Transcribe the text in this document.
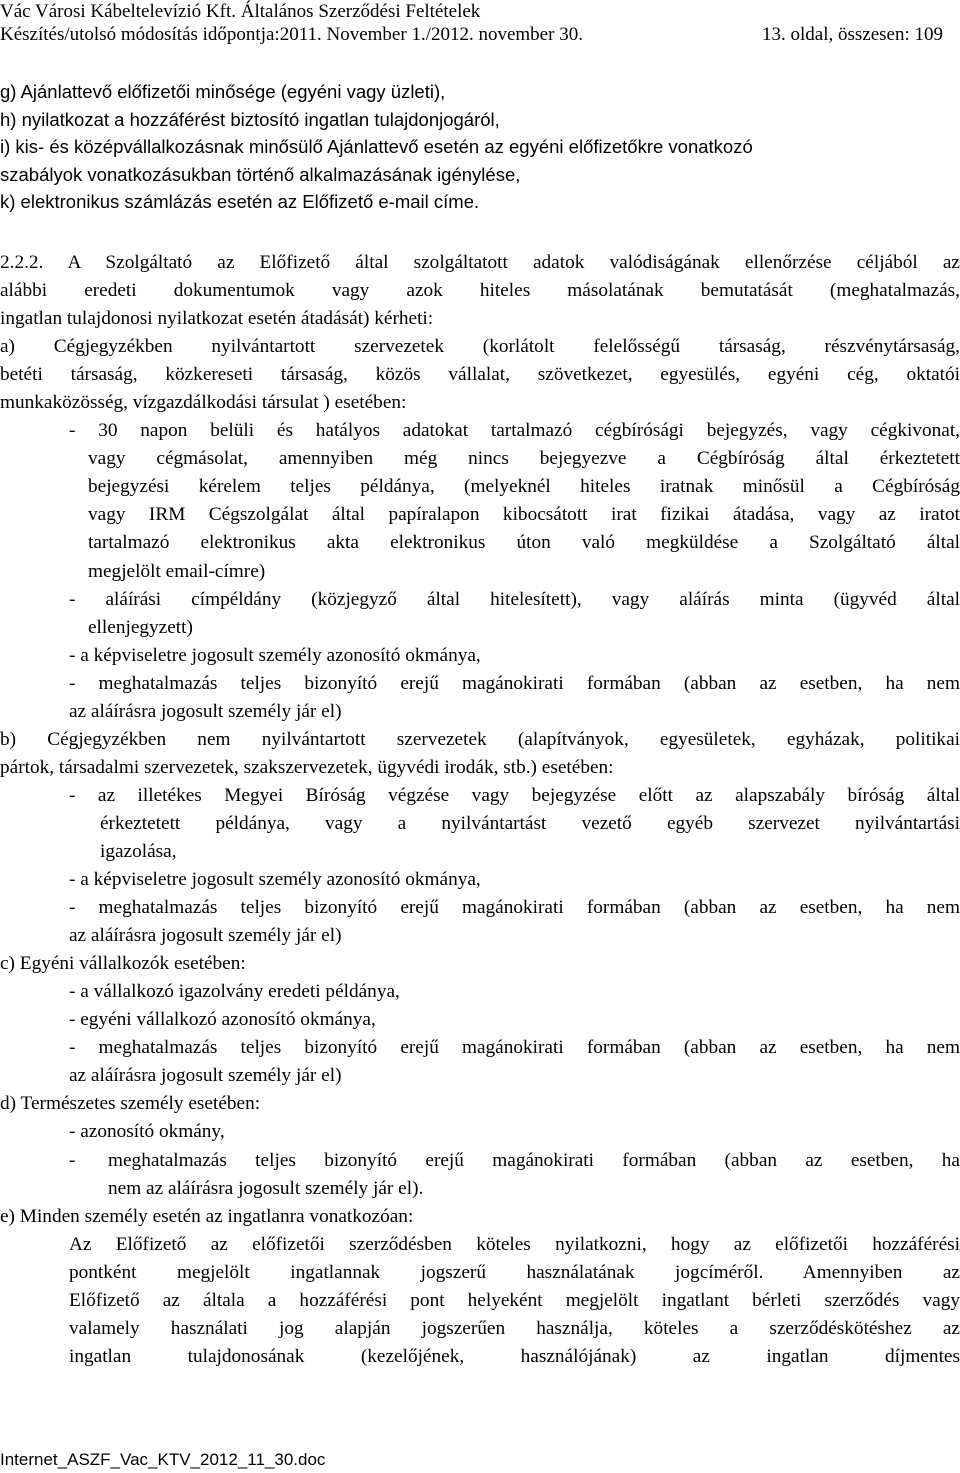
Vác Városi Kábeltelevízió Kft. Általános Szerződési Feltételek
Készítés/utolsó módosítás időpontja:2011. November 1./2012. november 30.	13. oldal, összesen: 109
g) Ajánlattevő előfizetői minősége (egyéni vagy üzleti),
h) nyilatkozat a hozzáférést biztosító ingatlan tulajdonjogáról,
i) kis- és középvállalkozásnak minősülő Ajánlattevő esetén az egyéni előfizetőkre vonatkozó
szabályok vonatkozásukban történő alkalmazásának igénylése,
k) elektronikus számlázás esetén az Előfizető e-mail címe.
2.2.2. A Szolgáltató az Előfizető által szolgáltatott adatok valódiságának ellenőrzése céljából az
alábbi eredeti dokumentumok vagy azok hiteles másolatának bemutatását (meghatalmazás,
ingatlan tulajdonosi nyilatkozat esetén átadását) kérheti:
a) Cégjegyzékben nyilvántartott szervezetek (korlátolt felelősségű társaság, részvénytársaság,
betéti társaság, közkereseti társaság, közös vállalat, szövetkezet, egyesülés, egyéni cég, oktatói
munkaközösség, vízgazdálkodási társulat ) esetében:
- 30 napon belüli és hatályos adatokat tartalmazó cégbírósági bejegyzés, vagy cégkivonat,
vagy cégmásolat, amennyiben még nincs bejegyezve a Cégbíróság által érkeztetett
bejegyzési kérelem teljes példánya, (melyeknél hiteles iratnak minősül a Cégbíróság
vagy IRM Cégszolgálat által papíralapon kibocsátott irat fizikai átadása, vagy az iratot
tartalmazó elektronikus akta elektronikus úton való megküldése a Szolgáltató által
megjelölt email-címre)
- aláírási címpéldány (közjegyző által hitelesített), vagy aláírás minta (ügyvéd által
ellenjegyzett)
- a képviseletre jogosult személy azonosító okmánya,
- meghatalmazás teljes bizonyító erejű magánokirati formában (abban az esetben, ha nem
az aláírásra jogosult személy jár el)
b) Cégjegyzékben nem nyilvántartott szervezetek (alapítványok, egyesületek, egyházak, politikai
pártok, társadalmi szervezetek, szakszervezetek, ügyvédi irodák, stb.) esetében:
- az illetékes Megyei Bíróság végzése vagy bejegyzése előtt az alapszabály bíróság által
érkeztetett példánya, vagy a nyilvántartást vezető egyéb szervezet nyilvántartási
igazolása,
- a képviseletre jogosult személy azonosító okmánya,
- meghatalmazás teljes bizonyító erejű magánokirati formában (abban az esetben, ha nem
az aláírásra jogosult személy jár el)
c) Egyéni vállalkozók esetében:
- a vállalkozó igazolvány eredeti példánya,
- egyéni vállalkozó azonosító okmánya,
- meghatalmazás teljes bizonyító erejű magánokirati formában (abban az esetben, ha nem
az aláírásra jogosult személy jár el)
d) Természetes személy esetében:
- azonosító okmány,
-	meghatalmazás teljes bizonyító erejű magánokirati formában (abban az esetben, ha
nem az aláírásra jogosult személy jár el).
e) Minden személy esetén az ingatlanra vonatkozóan:
Az Előfizető az előfizetői szerződésben köteles nyilatkozni, hogy az előfizetői hozzáférési
pontként megjelölt ingatlannak jogszerű használatának jogcíméről. Amennyiben az
Előfizető az általa a hozzáférési pont helyeként megjelölt ingatlant bérleti szerződés vagy
valamely használati jog alapján jogszerűen használja, köteles a szerződéskötéshez az
ingatlan tulajdonosának (kezelőjének, használójának) az ingatlan díjmentes
Internet_ASZF_Vac_KTV_2012_11_30.doc
